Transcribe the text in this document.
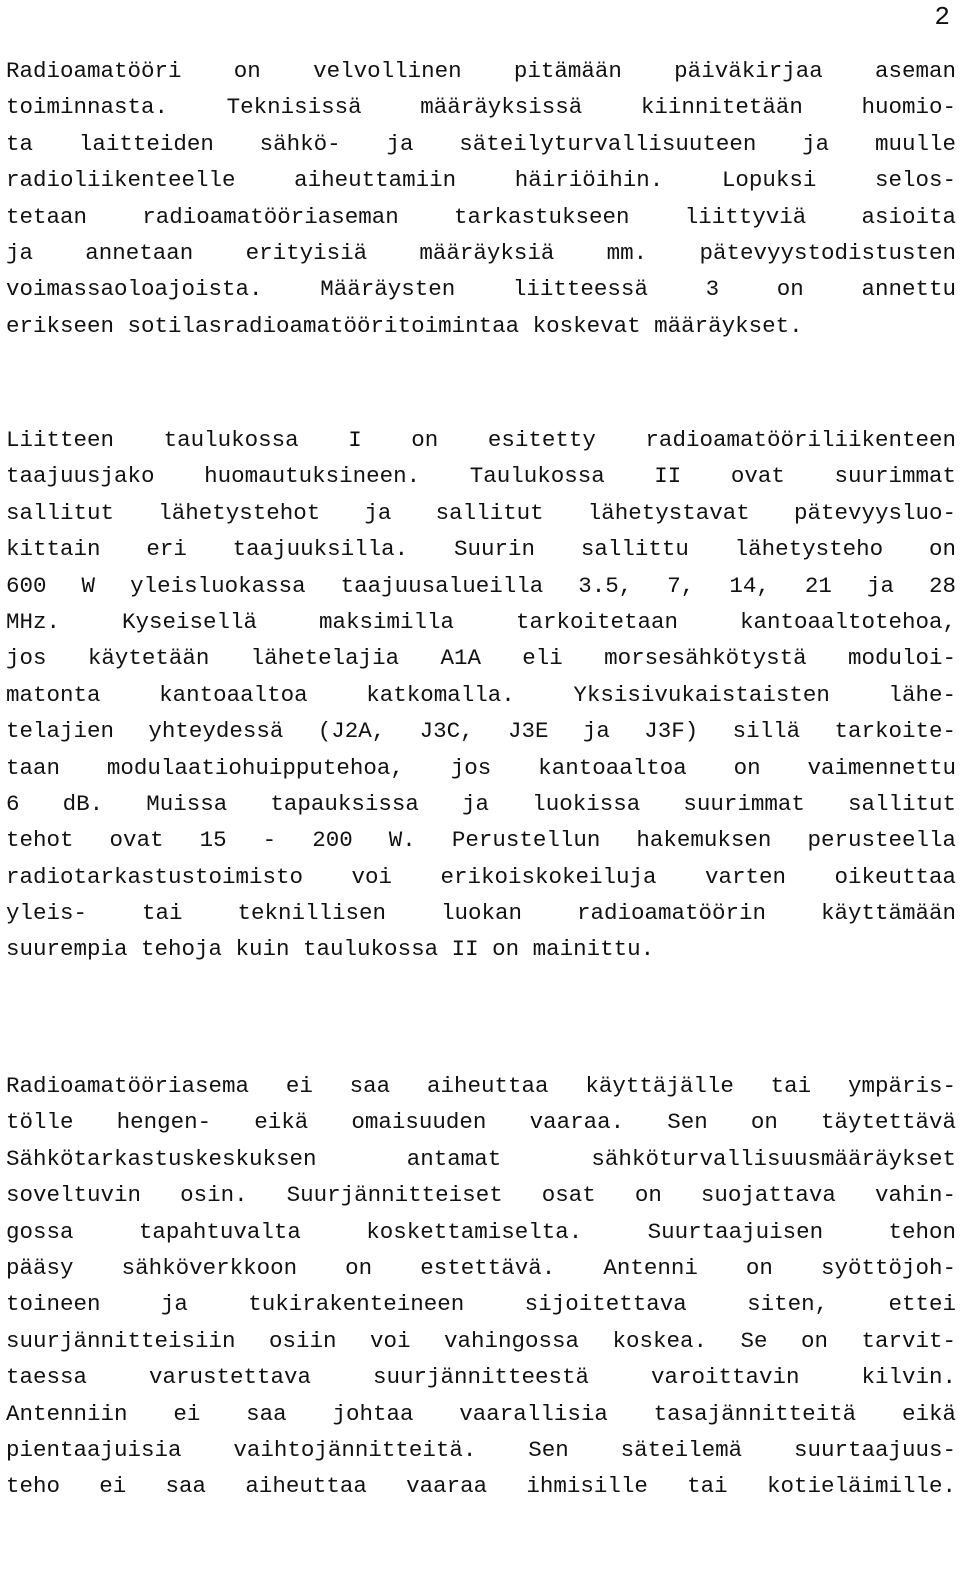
2
Radioamatööri on velvollinen pitämään päiväkirjaa aseman
toiminnasta. Teknisissä määräyksissä kiinnitetään huomio-
ta laitteiden sähkö- ja säteilyturvallisuuteen ja muulle
radioliikenteelle aiheuttamiin häiriöihin. Lopuksi selos-
tetaan radioamatööriaseman tarkastukseen liittyviä asioita
ja annetaan erityisiä määräyksiä mm. pätevyystodistusten
voimassaoloajoista. Määräysten liitteessä 3 on annettu
erikseen sotilasradioamatööritoimintaa koskevat määräykset.
Liitteen taulukossa I on esitetty radioamatööriliikenteen
taajuusjako huomautuksineen. Taulukossa II ovat suurimmat
sallitut lähetystehot ja sallitut lähetystavat pätevyysluo-
kittain eri taajuuksilla. Suurin sallittu lähetysteho on
600 W yleisluokassa taajuusalueilla 3.5, 7, 14, 21 ja 28
MHz. Kyseisellä maksimilla tarkoitetaan kantoaaltotehoa,
jos käytetään lähetelajia A1A eli morsesähkötystä moduloi-
matonta kantoaaltoa katkomalla. Yksisivukaistaisten lähe-
telajien yhteydessä (J2A, J3C, J3E ja J3F) sillä tarkoite-
taan modulaatiohuipputehoa, jos kantoaaltoa on vaimennettu
6 dB. Muissa tapauksissa ja luokissa suurimmat sallitut
tehot ovat 15 - 200 W. Perustellun hakemuksen perusteella
radiotarkastustoimisto voi erikoiskokeiluja varten oikeuttaa
yleis- tai teknillisen luokan radioamatöörin käyttämään
suurempia tehoja kuin taulukossa II on mainittu.
Radioamatööriasema ei saa aiheuttaa käyttäjälle tai ympäris-
tölle hengen- eikä omaisuuden vaaraa. Sen on täytettävä
Sähkötarkastuskeskuksen antamat sähköturvallisuusmääräykset
soveltuvin osin. Suurjännitteiset osat on suojattava vahin-
gossa tapahtuvalta koskettamiselta. Suurtaajuisen tehon
pääsy sähköverkkoon on estettävä. Antenni on syöttöjoh-
toineen ja tukirakenteineen sijoitettava siten, ettei
suurjännitteisiin osiin voi vahingossa koskea. Se on tarvit-
taessa varustettava suurjännitteestä varoittavin kilvin.
Antenniin ei saa johtaa vaarallisia tasajännitteitä eikä
pientaajuisia vaihtojännitteitä. Sen säteilemä suurtaajuus-
teho ei saa aiheuttaa vaaraa ihmisille tai kotieläimille.
